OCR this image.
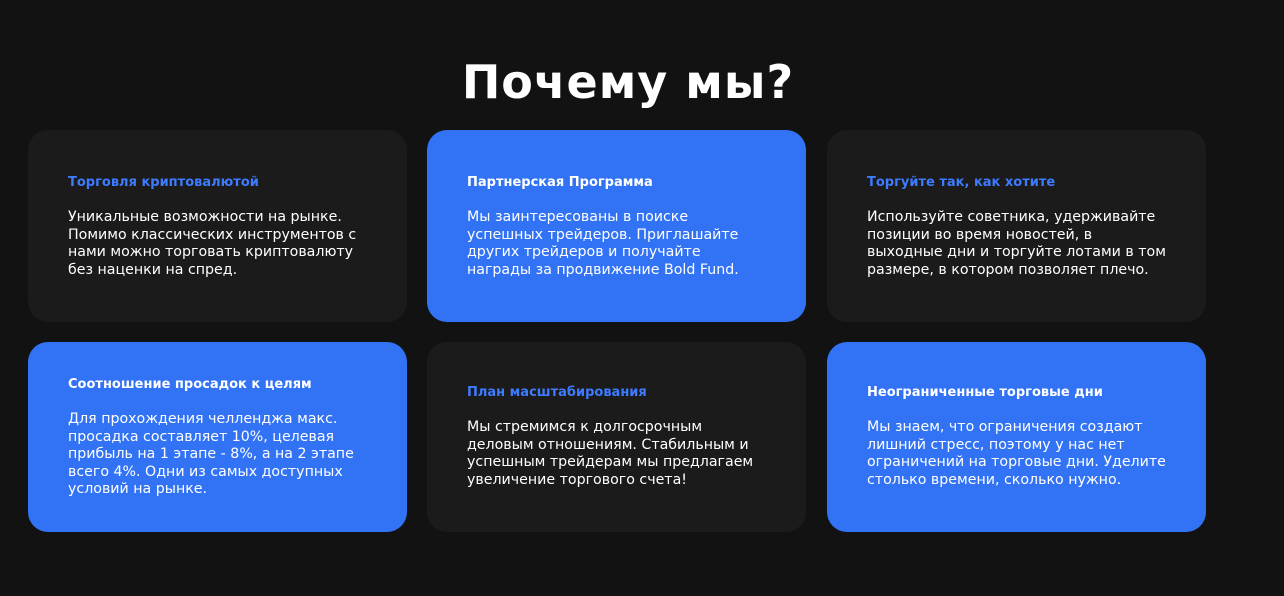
Почему мы?

Торговля криптовалютой

Уникальные возможности на рынке. Помимо классических инструментов с нами можно торговать криптовалюту без наценки на спред.

Партнерская Программа

Мы заинтересованы в поиске успешных трейдеров. Приглашайте других трейдеров и получайте награды за продвижение Bold Fund.

Торгуйте так, как хотите

Используйте советника, удерживайте позиции во время новостей, в выходные дни и торгуйте лотами в том размере, в котором позволяет плечо.

Соотношение просадок к целям

Для прохождения челленджа макс. просадка составляет 10%, целевая прибыль на 1 этапе - 8%, а на 2 этапе всего 4%. Одни из самых доступных условий на рынке.

План масштабирования

Мы стремимся к долгосрочным деловым отношениям. Стабильным и успешным трейдерам мы предлагаем увеличение торгового счета!

Неограниченные торговые дни

Мы знаем, что ограничения создают лишний стресс, поэтому у нас нет ограничений на торговые дни. Уделите столько времени, сколько нужно.
